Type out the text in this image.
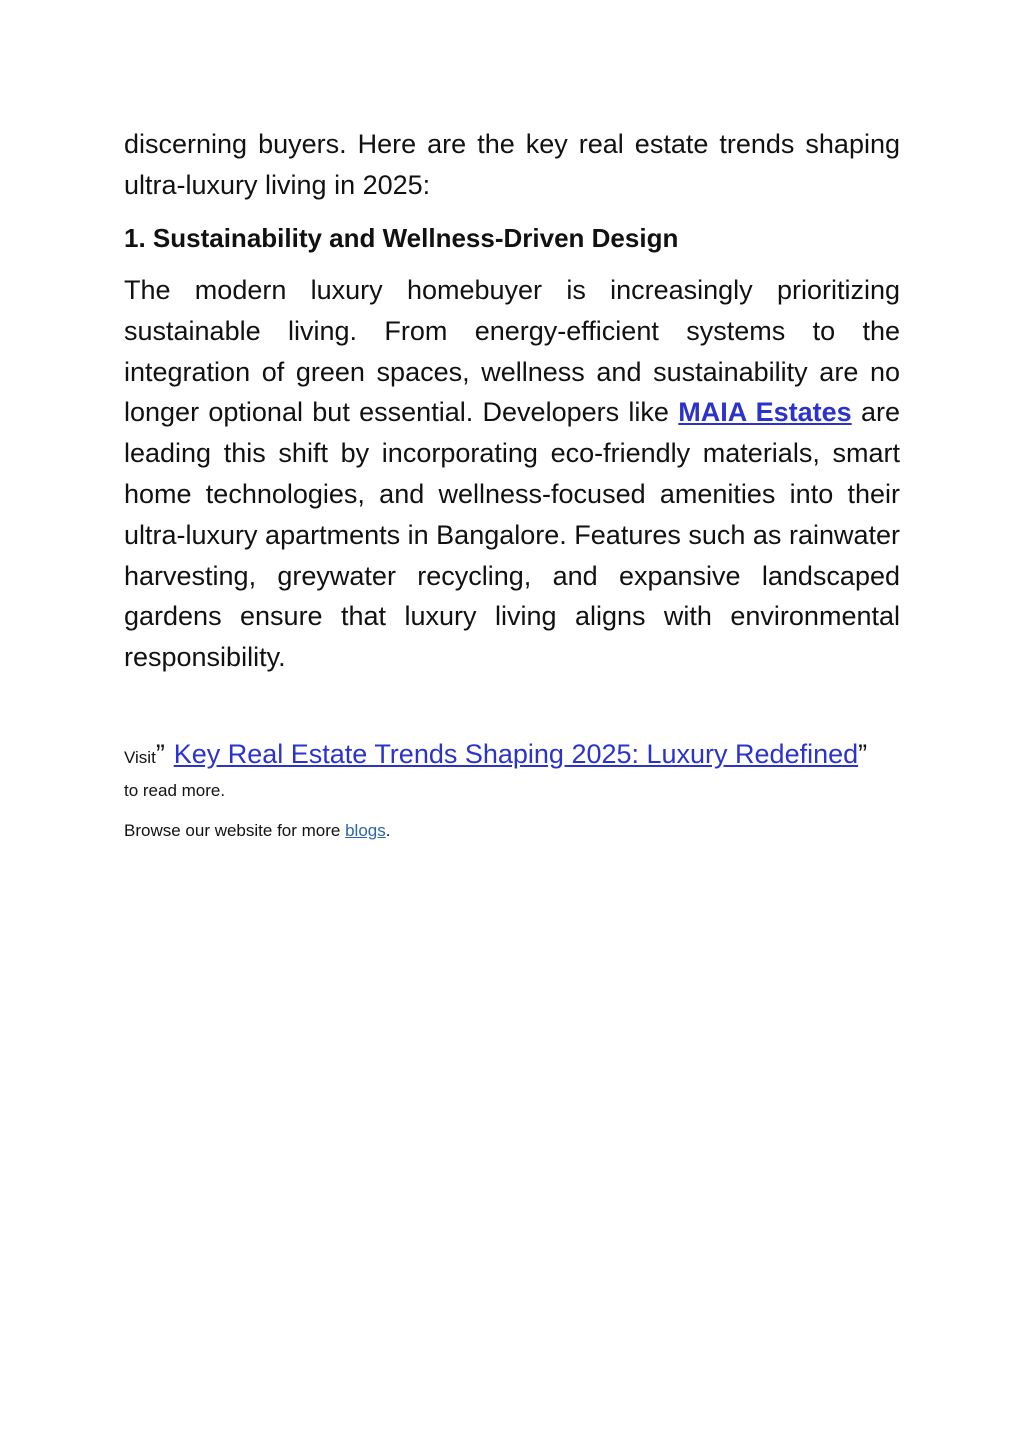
discerning buyers. Here are the key real estate trends shaping ultra-luxury living in 2025:

1. Sustainability and Wellness-Driven Design

The modern luxury homebuyer is increasingly prioritizing sustainable living. From energy-efficient systems to the integration of green spaces, wellness and sustainability are no longer optional but essential. Developers like MAIA Estates are leading this shift by incorporating eco-friendly materials, smart home technologies, and wellness-focused amenities into their ultra-luxury apartments in Bangalore. Features such as rainwater harvesting, greywater recycling, and expansive landscaped gardens ensure that luxury living aligns with environmental responsibility.

Visit” Key Real Estate Trends Shaping 2025: Luxury Redefined”

to read more.

Browse our website for more blogs.
